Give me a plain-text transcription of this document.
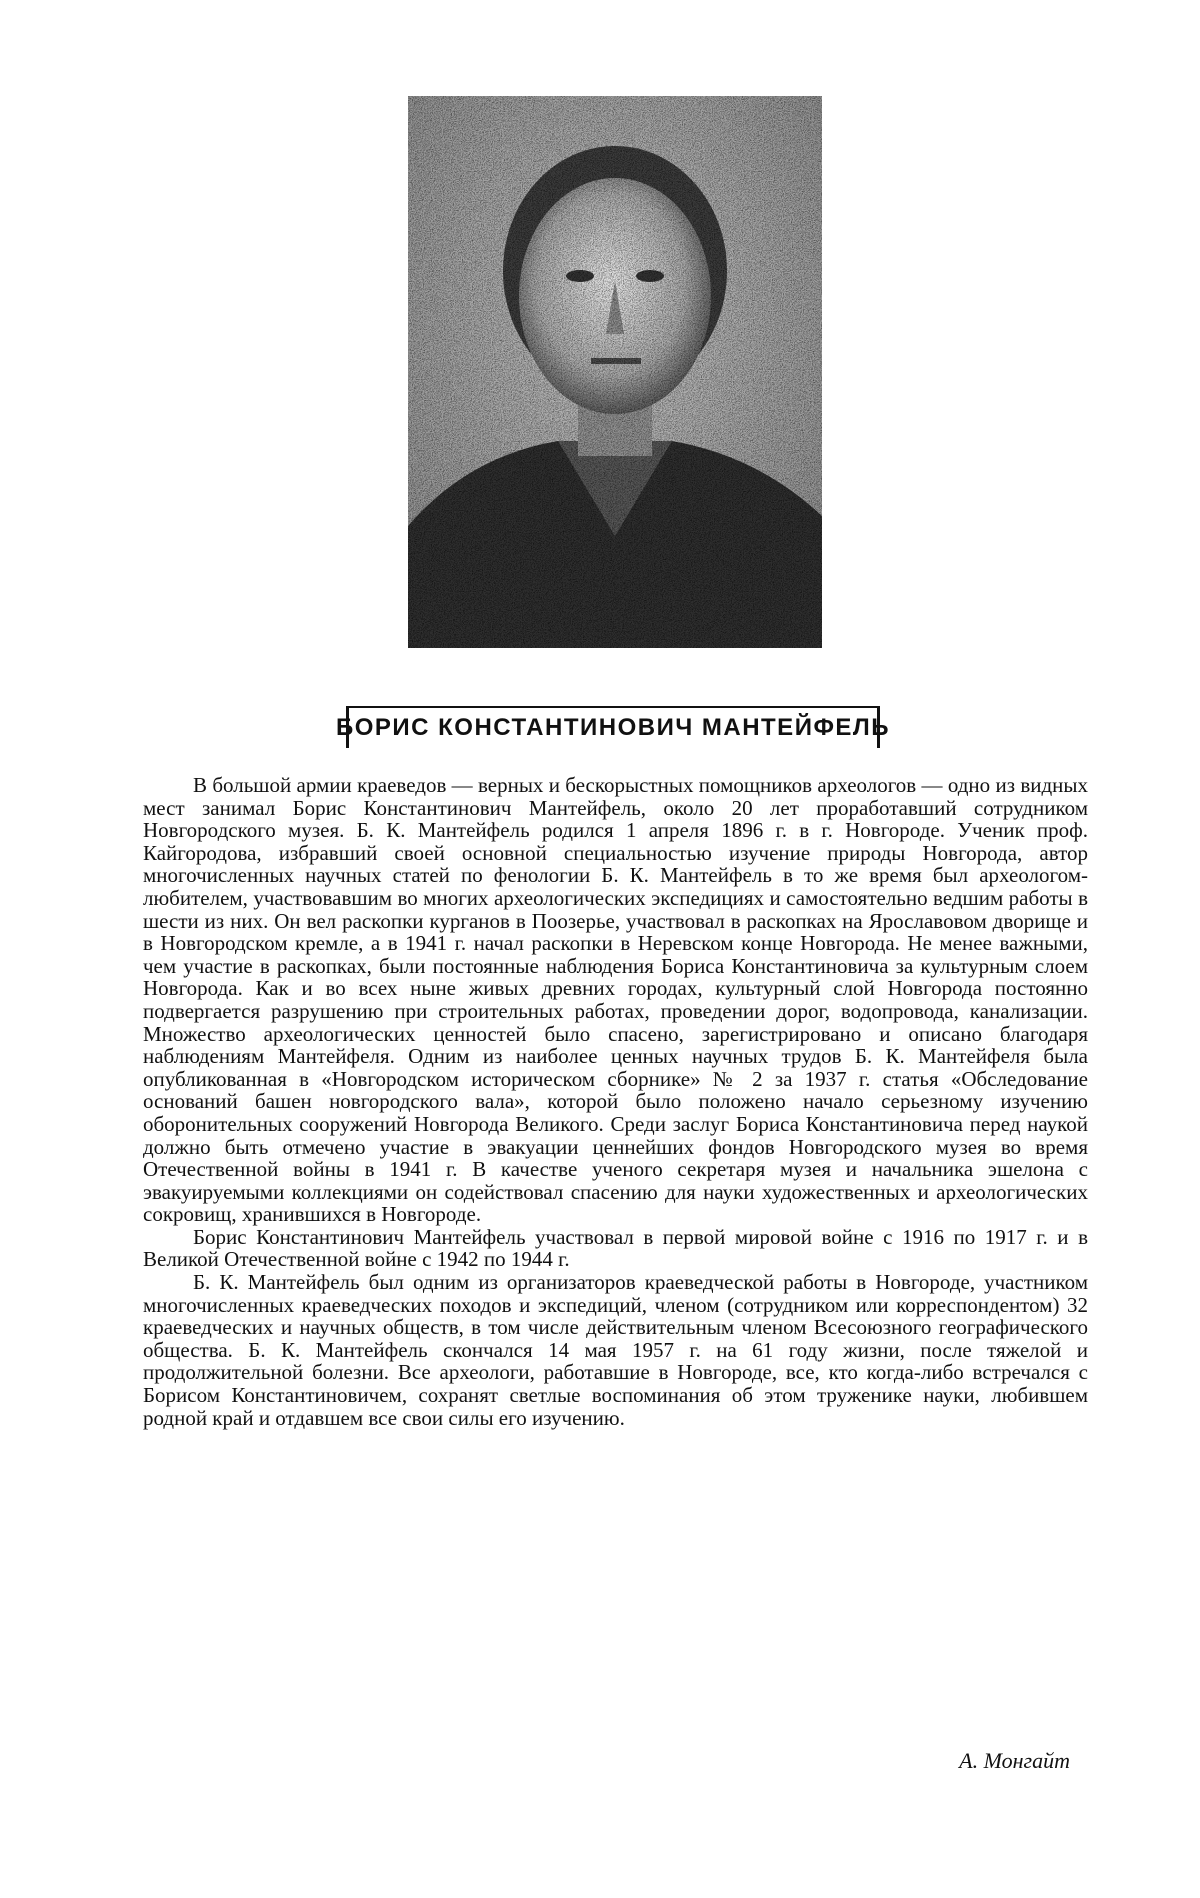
БОРИС КОНСТАНТИНОВИЧ МАНТЕЙФЕЛЬ

В большой армии краеведов — верных и бескорыстных помощников археологов — одно из видных мест занимал Борис Константинович Мантейфель, около 20 лет проработавший сотрудником Новгородского музея. Б. К. Мантейфель родился 1 апреля 1896 г. в г. Новгороде. Ученик проф. Кайгородова, избравший своей основной специальностью изучение природы Новгорода, автор многочисленных научных статей по фенологии Б. К. Мантейфель в то же время был археологом-любителем, участвовавшим во многих археологических экспедициях и самостоятельно ведшим работы в шести из них. Он вел раскопки курганов в Поозерье, участвовал в раскопках на Ярославовом дворище и в Новгородском кремле, а в 1941 г. начал раскопки в Неревском конце Новгорода. Не менее важными, чем участие в раскопках, были постоянные наблюдения Бориса Константиновича за культурным слоем Новгорода. Как и во всех ныне живых древних городах, культурный слой Новгорода постоянно подвергается разрушению при строительных работах, проведении дорог, водопровода, канализации. Множество археологических ценностей было спасено, зарегистрировано и описано благодаря наблюдениям Мантейфеля. Одним из наиболее ценных научных трудов Б. К. Мантейфеля была опубликованная в «Новгородском историческом сборнике» № 2 за 1937 г. статья «Обследование оснований башен новгородского вала», которой было положено начало серьезному изучению оборонительных сооружений Новгорода Великого. Среди заслуг Бориса Константиновича перед наукой должно быть отмечено участие в эвакуации ценнейших фондов Новгородского музея во время Отечественной войны в 1941 г. В качестве ученого секретаря музея и начальника эшелона с эвакуируемыми коллекциями он содействовал спасению для науки художественных и археологических сокровищ, хранившихся в Новгороде.

Борис Константинович Мантейфель участвовал в первой мировой войне с 1916 по 1917 г. и в Великой Отечественной войне с 1942 по 1944 г.

Б. К. Мантейфель был одним из организаторов краеведческой работы в Новгороде, участником многочисленных краеведческих походов и экспедиций, членом (сотрудником или корреспондентом) 32 краеведческих и научных обществ, в том числе действительным членом Всесоюзного географического общества. Б. К. Мантейфель скончался 14 мая 1957 г. на 61 году жизни, после тяжелой и продолжительной болезни. Все археологи, работавшие в Новгороде, все, кто когда-либо встречался с Борисом Константиновичем, сохранят светлые воспоминания об этом труженике науки, любившем родной край и отдавшем все свои силы его изучению.

А. Монгайт
